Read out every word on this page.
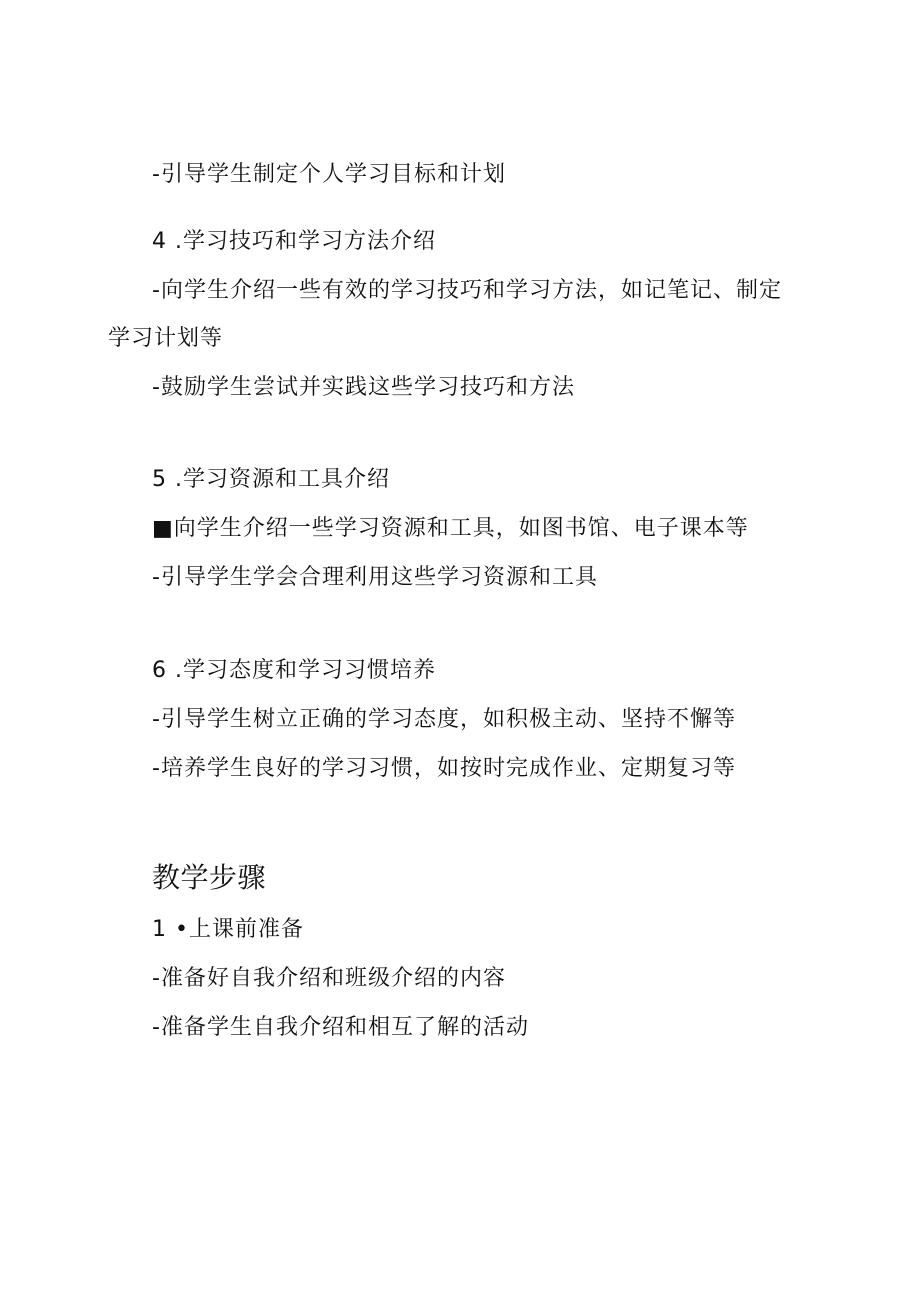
-引导学生制定个人学习目标和计划
4 .学习技巧和学习方法介绍
-向学生介绍一些有效的学习技巧和学习方法，如记笔记、制定
学习计划等
-鼓励学生尝试并实践这些学习技巧和方法
5 .学习资源和工具介绍
■向学生介绍一些学习资源和工具，如图书馆、电子课本等
-引导学生学会合理利用这些学习资源和工具
6 .学习态度和学习习惯培养
-引导学生树立正确的学习态度，如积极主动、坚持不懈等
-培养学生良好的学习习惯，如按时完成作业、定期复习等
教学步骤
1 •上课前准备
-准备好自我介绍和班级介绍的内容
-准备学生自我介绍和相互了解的活动
